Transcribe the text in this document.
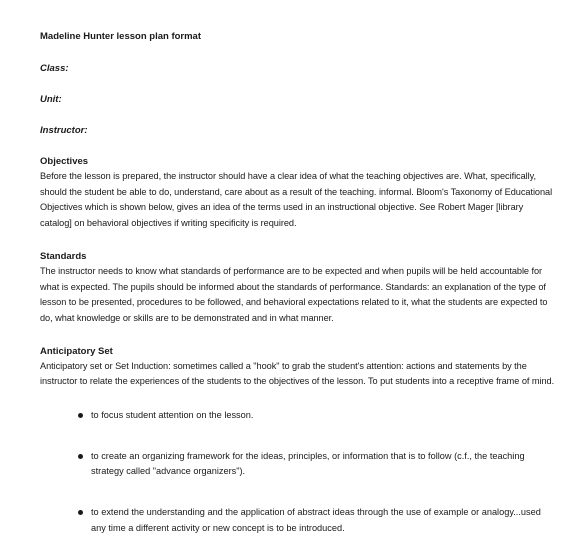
Madeline Hunter lesson plan format

Class:

Unit:

Instructor:

Objectives

Before the lesson is prepared, the instructor should have a clear idea of what the teaching objectives are. What, specifically, should the student be able to do, understand, care about as a result of the teaching. informal. Bloom's Taxonomy of Educational Objectives which is shown below, gives an idea of the terms used in an instructional objective. See Robert Mager [library catalog] on behavioral objectives if writing specificity is required.

Standards

The instructor needs to know what standards of performance are to be expected and when pupils will be held accountable for what is expected. The pupils should be informed about the standards of performance. Standards: an explanation of the type of lesson to be presented, procedures to be followed, and behavioral expectations related to it, what the students are expected to do, what knowledge or skills are to be demonstrated and in what manner.

Anticipatory Set

Anticipatory set or Set Induction: sometimes called a "hook" to grab the student's attention: actions and statements by the instructor to relate the experiences of the students to the objectives of the lesson. To put students into a receptive frame of mind.

to focus student attention on the lesson.
to create an organizing framework for the ideas, principles, or information that is to follow (c.f., the teaching strategy called "advance organizers").
to extend the understanding and the application of abstract ideas through the use of example or analogy...used any time a different activity or new concept is to be introduced.
